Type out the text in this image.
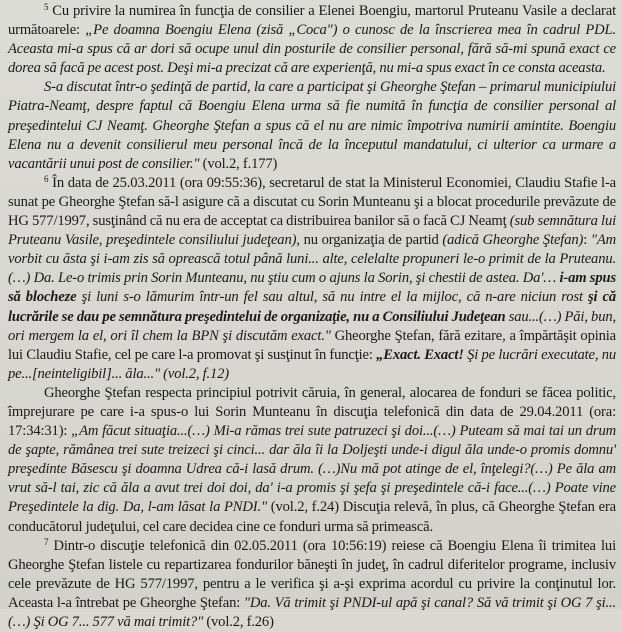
$^5$ Cu privire la numirea în funcţia de consilier a Elenei Boengiu, martorul Pruteanu Vasile a declarat următoarele: „Pe doamna Boengiu Elena (zisă „Coca") o cunosc de la înscrierea mea în cadrul PDL. Aceasta mi-a spus că ar dori să ocupe unul din posturile de consilier personal, fără să-mi spună exact ce dorea să facă pe acest post. Deşi mi-a precizat că are experienţă, nu mi-a spus exact în ce consta aceasta.

S-a discutat într-o şedinţă de partid, la care a participat şi Gheorghe Ştefan – primarul municipiului Piatra-Neamţ, despre faptul că Boengiu Elena urma să fie numită în funcţia de consilier personal al preşedintelui CJ Neamţ. Gheorghe Ştefan a spus că el nu are nimic împotriva numirii amintite. Boengiu Elena nu a devenit consilierul meu personal încă de la începutul mandatului, ci ulterior ca urmare a vacantării unui post de consilier." (vol.2, f.177)

$^6$ În data de 25.03.2011 (ora 09:55:36), secretarul de stat la Ministerul Economiei, Claudiu Stafie l-a sunat pe Gheorghe Ştefan să-l asigure că a discutat cu Sorin Munteanu şi a blocat procedurile prevăzute de HG 577/1997, susţinând că nu era de acceptat ca distribuirea banilor să o facă CJ Neamţ (sub semnătura lui Pruteanu Vasile, preşedintele consiliului judeţean), nu organizaţia de partid (adică Gheorghe Ştefan): "Am vorbit cu ăsta şi i-am zis să oprească totul până luni... alte, celelalte propuneri le-o primit de la Pruteanu.(…) Da. Le-o trimis prin Sorin Munteanu, nu ştiu cum o ajuns la Sorin, şi chestii de astea. Da'… i-am spus să blocheze şi luni s-o lămurim într-un fel sau altul, să nu intre el la mijloc, că n-are niciun rost şi că lucrările se dau pe semnătura preşedintelui de organizaţie, nu a Consiliului Judeţean sau...(…) Păi, bun, ori mergem la el, ori îl chem la BPN şi discutăm exact." Gheorghe Ştefan, fără ezitare, a împărtăşit opinia lui Claudiu Stafie, cel pe care l-a promovat şi susţinut în funcţie: „Exact. Exact! Şi pe lucrări executate, nu pe...[neinteligibil]... ăla..." (vol.2, f.12)

Gheorghe Ştefan respecta principiul potrivit căruia, în general, alocarea de fonduri se făcea politic, împrejurare pe care i-a spus-o lui Sorin Munteanu în discuţia telefonică din data de 29.04.2011 (ora: 17:34:31): „Am făcut situaţia...(…) Mi-a rămas trei sute patruzeci şi doi...(…) Puteam să mai tai un drum de şapte, rămânea trei sute treizeci şi cinci... dar ăla îi la Doljeşti unde-i digul ăla unde-o promis domnu' preşedinte Băsescu şi doamna Udrea că-i lasă drum. (…)Nu mă pot atinge de el, înţelegi?(…) Pe ăla am vrut să-l tai, zic că ăla a avut trei doi doi, da' i-a promis şi şefa şi preşedintele că-i face...(…) Poate vine Preşedintele la dig. Da, l-am lăsat la PNDI." (vol.2, f.24) Discuţia relevă, în plus, că Gheorghe Ştefan era conducătorul judeţului, cel care decidea cine ce fonduri urma să primească.

$^7$ Dintr-o discuţie telefonică din 02.05.2011 (ora 10:56:19) reiese că Boengiu Elena îi trimitea lui Gheorghe Ştefan listele cu repartizarea fondurilor băneşti în judeţ, în cadrul diferitelor programe, inclusiv cele prevăzute de HG 577/1997, pentru a le verifica şi a-şi exprima acordul cu privire la conţinutul lor. Aceasta l-a întrebat pe Gheorghe Ştefan: "Da. Vă trimit şi PNDI-ul apă şi canal? Să vă trimit şi OG 7 şi...(…) Şi OG 7... 577 vă mai trimit?" (vol.2, f.26)
